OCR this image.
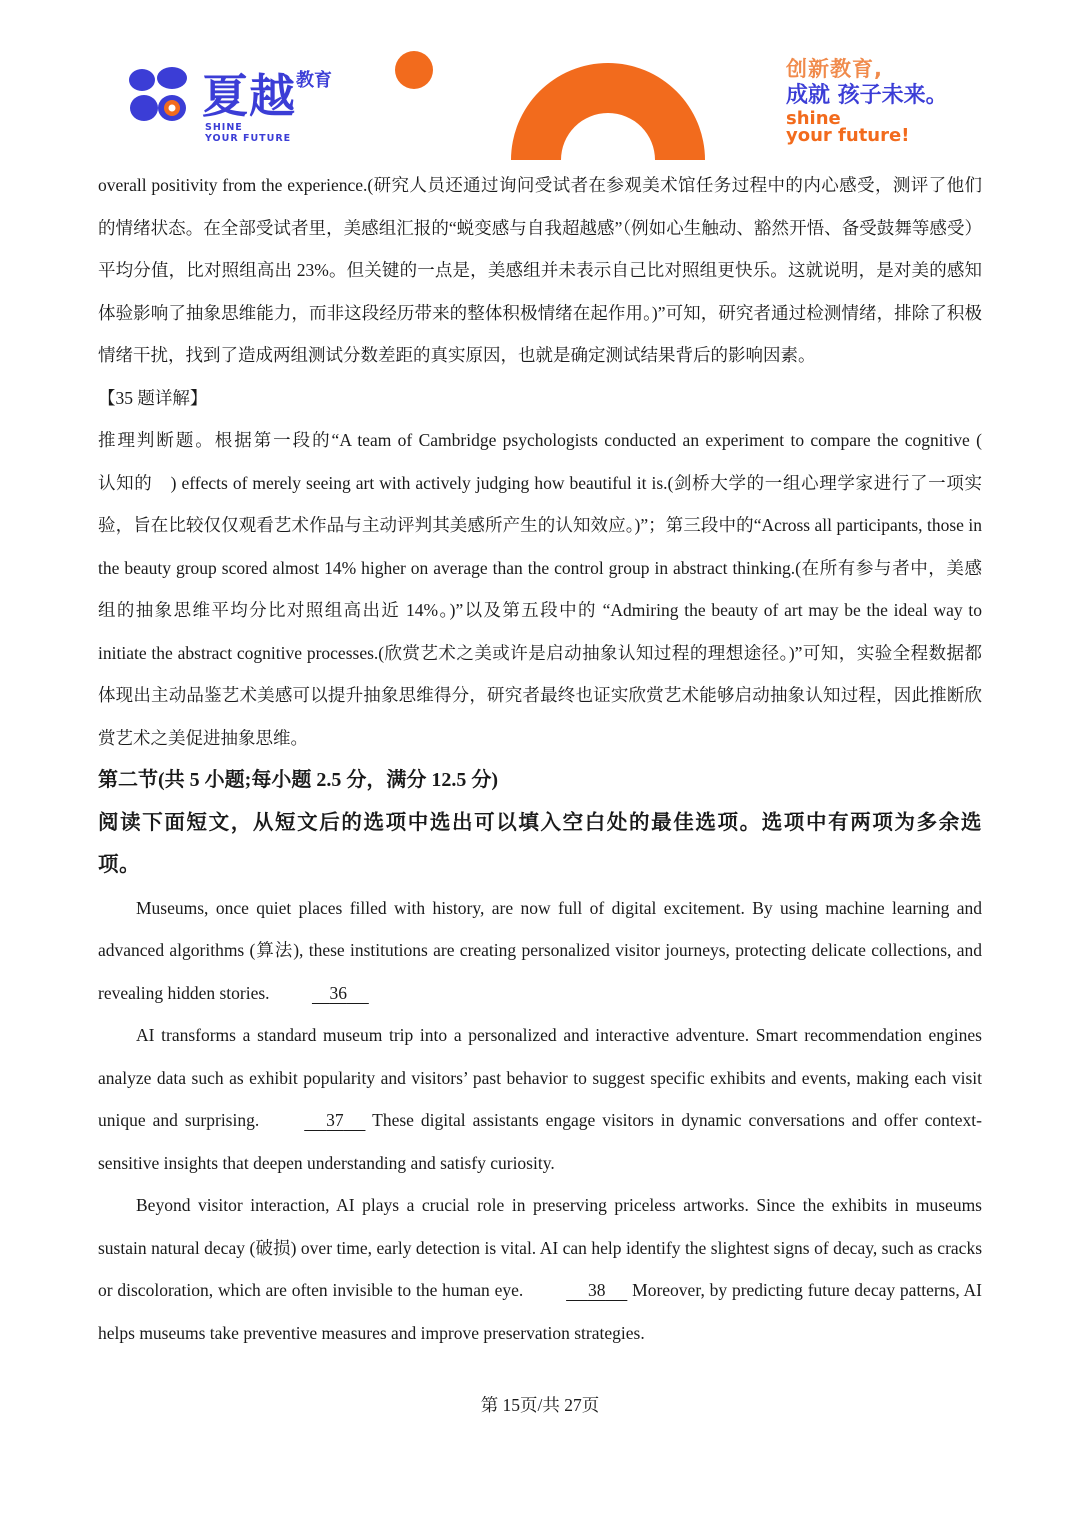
夏越 教育
SHINE
YOUR FUTURE
创新教育,
成就 孩子未来。
shine
your future!

overall positivity from the experience.(研究人员还通过询问受试者在参观美术馆任务过程中的内心感受，测评了他们的情绪状态。在全部受试者里，美感组汇报的“蜕变感与自我超越感”（例如心生触动、豁然开悟、备受鼓舞等感受）平均分值，比对照组高出 23%。但关键的一点是，美感组并未表示自己比对照组更快乐。这就说明，是对美的感知体验影响了抽象思维能力，而非这段经历带来的整体积极情绪在起作用。)”可知，研究者通过检测情绪，排除了积极情绪干扰，找到了造成两组测试分数差距的真实原因，也就是确定测试结果背后的影响因素。

【35 题详解】

推理判断题。根据第一段的“A team of Cambridge psychologists conducted an experiment to compare the cognitive (　　认知的　) effects of merely seeing art with actively judging how beautiful it is.(剑桥大学的一组心理学家进行了一项实验，旨在比较仅仅观看艺术作品与主动评判其美感所产生的认知效应。)”；第三段中的“Across all participants, those in the beauty group scored almost 14% higher on average than the control group in abstract thinking.(在所有参与者中，美感组的抽象思维平均分比对照组高出近 14%。)”以及第五段中的 “Admiring the beauty of art may be the ideal way to initiate the abstract cognitive processes.(欣赏艺术之美或许是启动抽象认知过程的理想途径。)”可知，实验全程数据都体现出主动品鉴艺术美感可以提升抽象思维得分，研究者最终也证实欣赏艺术能够启动抽象认知过程，因此推断欣赏艺术之美促进抽象思维。

第二节(共 5 小题;每小题 2.5 分，满分 12.5 分)

阅读下面短文，从短文后的选项中选出可以填入空白处的最佳选项。选项中有两项为多余选项。

Museums, once quiet places filled with history, are now full of digital excitement. By using machine learning and advanced algorithms (算法), these institutions are creating personalized visitor journeys, protecting delicate collections, and revealing hidden stories.	36

AI transforms a standard museum trip into a personalized and interactive adventure. Smart recommendation engines analyze data such as exhibit popularity and visitors’ past behavior to suggest specific exhibits and events, making each visit unique and surprising.	37 These digital assistants engage visitors in dynamic conversations and offer context-sensitive insights that deepen understanding and satisfy curiosity.

Beyond visitor interaction, AI plays a crucial role in preserving priceless artworks. Since the exhibits in museums sustain natural decay (破损) over time, early detection is vital. AI can help identify the slightest signs of decay, such as cracks or discoloration, which are often invisible to the human eye.	38 Moreover, by predicting future decay patterns, AI helps museums take preventive measures and improve preservation strategies.

第 15页/共 27页
